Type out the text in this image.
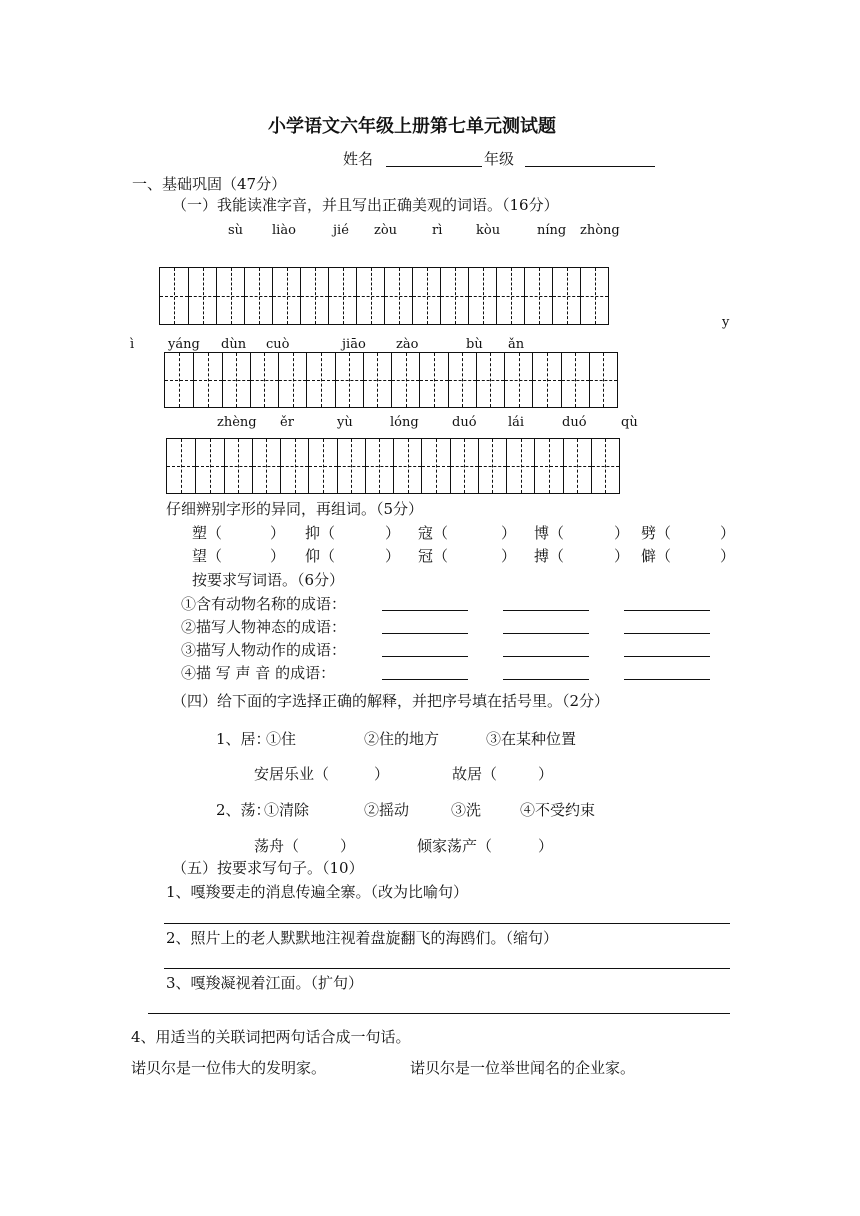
小学语文六年级上册第七单元测试题
姓名	年级
一、基础巩固（47分）
（一）我能读准字音，并且写出正确美观的词语。（16分）
sù liào	jié zòu	rì	kòu	níng zhòng
y
ì	yáng dùn cuò	jiāo zào	bù ǎn
zhèng ěr	yù	lóng	duó lái	duó	qù
仔细辨别字形的异同，再组词。（5分）
塑（	） 抑（	） 寇（	） 博（	） 劈（	）
望（	） 仰（	） 冠（	） 搏（	） 僻（	）
按要求写词语。（6分）
①含有动物名称的成语：
②描写人物神态的成语：
③描写人物动作的成语：
④描 写 声 音 的成语：
（四）给下面的字选择正确的解释，并把序号填在括号里。（2分）
1、居：
①住	②住的地方	③在某种位置
安居乐业（	）	故居（	）
2、荡：
①清除	②摇动	③洗	④不受约束
荡舟（	）	倾家荡产（	）
（五）按要求写句子。（10）
1、嘎羧要走的消息传遍全寨。（改为比喻句）
2、照片上的老人默默地注视着盘旋翻飞的海鸥们。（缩句）
3、嘎羧凝视着江面。（扩句）
4、用适当的关联词把两句话合成一句话。
诺贝尔是一位伟大的发明家。	诺贝尔是一位举世闻名的企业家。
